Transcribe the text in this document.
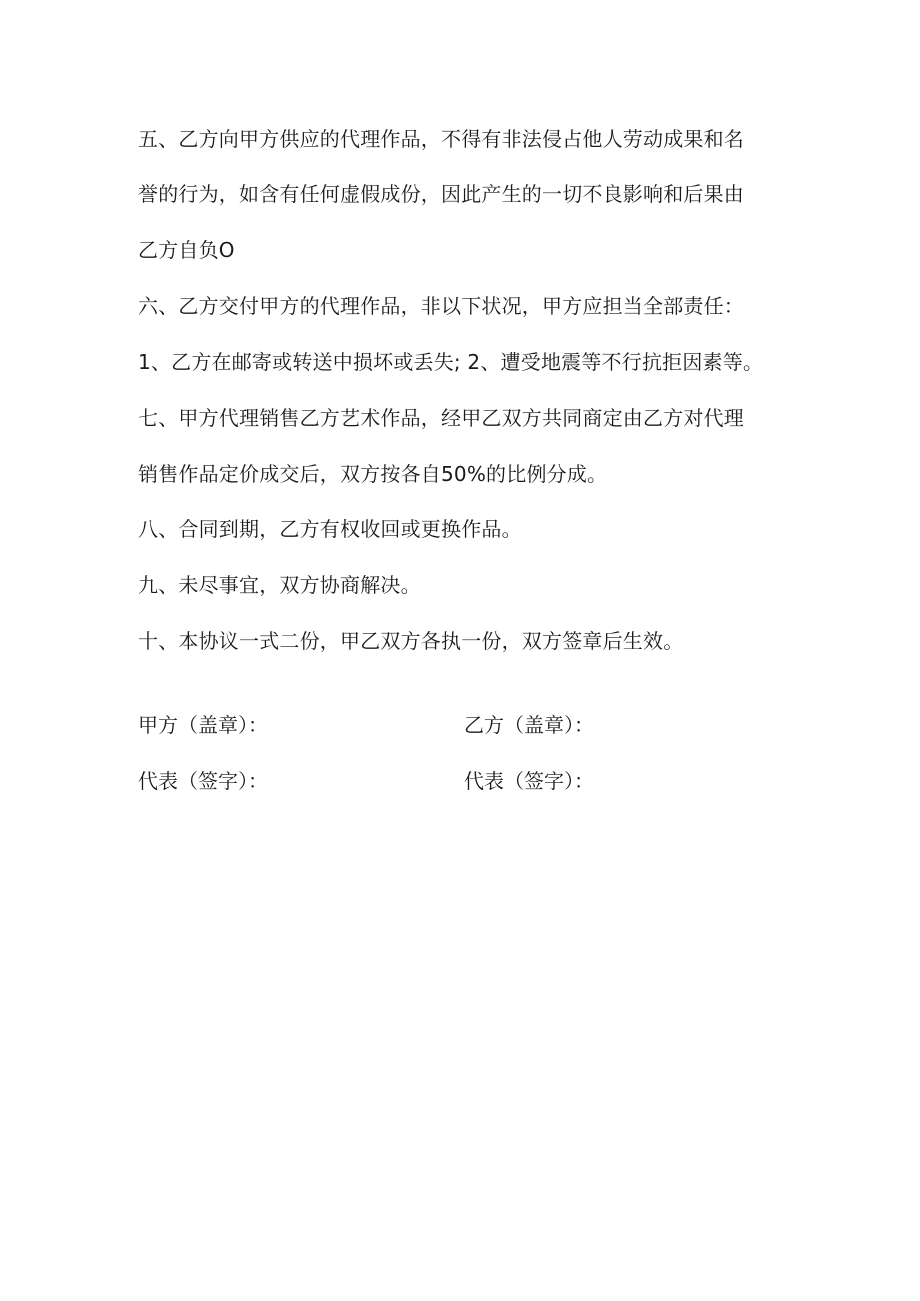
五、乙方向甲方供应的代理作品，不得有非法侵占他人劳动成果和名
誉的行为，如含有任何虚假成份，因此产生的一切不良影响和后果由
乙方自负O
六、乙方交付甲方的代理作品，非以下状况，甲方应担当全部责任：
1、乙方在邮寄或转送中损坏或丢失; 2、遭受地震等不行抗拒因素等。
七、甲方代理销售乙方艺术作品，经甲乙双方共同商定由乙方对代理
销售作品定价成交后，双方按各自50%的比例分成。
八、合同到期，乙方有权收回或更换作品。
九、未尽事宜，双方协商解决。
十、本协议一式二份，甲乙双方各执一份，双方签章后生效。
甲方（盖章）：	乙方（盖章）：
代表（签字）：	代表（签字）：
